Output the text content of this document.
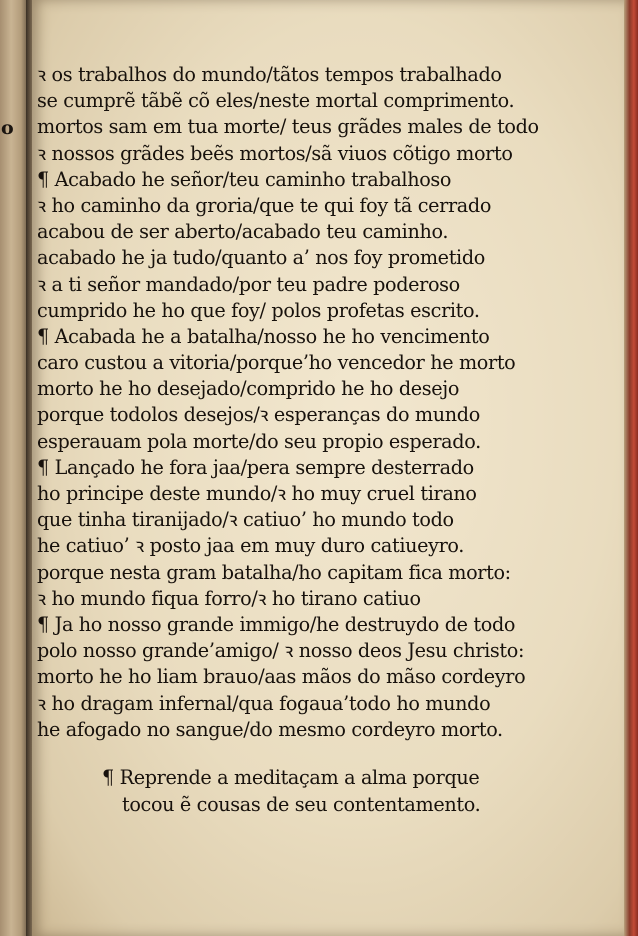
o
ꝛ os trabalhos do mundo/tãtos tempos trabalhado
se cumprẽ tãbẽ cõ eles/neste mortal comprimento.
mortos sam em tua morte/ teus grãdes males de todo
ꝛ nossos grãdes beẽs mortos/sã viuos cõtigo morto
¶ Acabado he señor/teu caminho trabalhoso
ꝛ ho caminho da groria/que te qui foy tã cerrado
acabou de ser aberto/acabado teu caminho.
acabado he ja tudo/quanto a’ nos foy prometido
ꝛ a ti señor mandado/por teu padre poderoso
cumprido he ho que foy/ polos profetas escrito.
¶ Acabada he a batalha/nosso he ho vencimento
caro custou a vitoria/porque’ho vencedor he morto
morto he ho desejado/comprido he ho desejo
porque todolos desejos/ꝛ esperanças do mundo
esperauam pola morte/do seu propio esperado.
¶ Lançado he fora jaa/pera sempre desterrado
ho principe deste mundo/ꝛ ho muy cruel tirano
que tinha tiranijado/ꝛ catiuo’ ho mundo todo
he catiuo’ ꝛ posto jaa em muy duro catiueyro.
porque nesta gram batalha/ho capitam fica morto:
ꝛ ho mundo fiqua forro/ꝛ ho tirano catiuo
¶ Ja ho nosso grande immigo/he destruydo de todo
polo nosso grande’amigo/ ꝛ nosso deos Jesu christo:
morto he ho liam brauo/aas mãos do mãso cordeyro
ꝛ ho dragam infernal/qua fogaua’todo ho mundo
he afogado no sangue/do mesmo cordeyro morto.
¶ Reprende a meditaçam a alma porque
tocou ẽ cousas de seu contentamento.
